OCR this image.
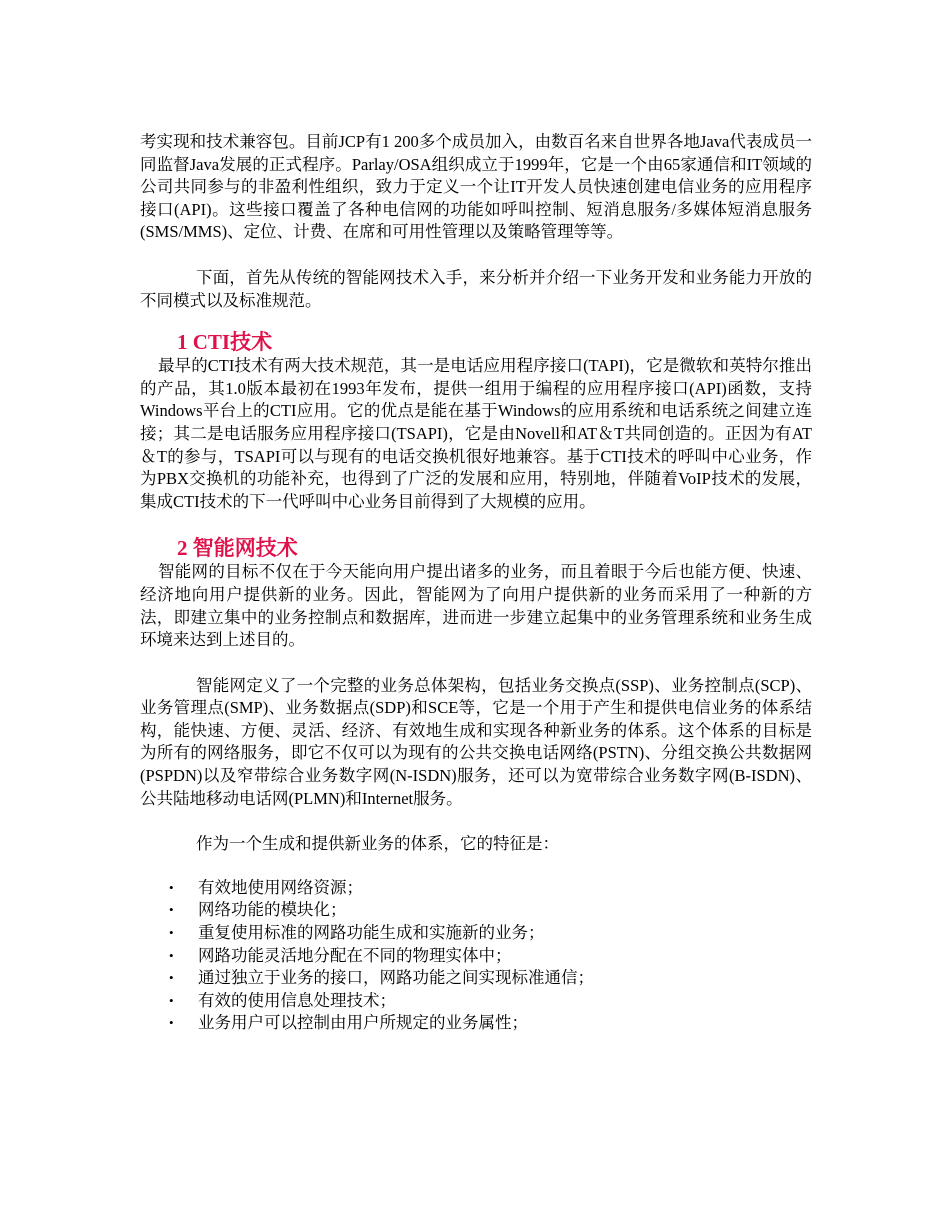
考实现和技术兼容包。目前JCP有1 200多个成员加入，由数百名来自世界各地Java代表成员一同监督Java发展的正式程序。Parlay/OSA组织成立于1999年，它是一个由65家通信和IT领域的公司共同参与的非盈利性组织，致力于定义一个让IT开发人员快速创建电信业务的应用程序接口(API)。这些接口覆盖了各种电信网的功能如呼叫控制、短消息服务/多媒体短消息服务(SMS/MMS)、定位、计费、在席和可用性管理以及策略管理等等。

下面，首先从传统的智能网技术入手，来分析并介绍一下业务开发和业务能力开放的不同模式以及标准规范。

1 CTI技术

最早的CTI技术有两大技术规范，其一是电话应用程序接口(TAPI)，它是微软和英特尔推出的产品，其1.0版本最初在1993年发布，提供一组用于编程的应用程序接口(API)函数，支持Windows平台上的CTI应用。它的优点是能在基于Windows的应用系统和电话系统之间建立连接；其二是电话服务应用程序接口(TSAPI)，它是由Novell和AT＆T共同创造的。正因为有AT＆T的参与，TSAPI可以与现有的电话交换机很好地兼容。基于CTI技术的呼叫中心业务，作为PBX交换机的功能补充，也得到了广泛的发展和应用，特别地，伴随着VoIP技术的发展，集成CTI技术的下一代呼叫中心业务目前得到了大规模的应用。

2 智能网技术

智能网的目标不仅在于今天能向用户提出诸多的业务，而且着眼于今后也能方便、快速、经济地向用户提供新的业务。因此，智能网为了向用户提供新的业务而采用了一种新的方法，即建立集中的业务控制点和数据库，进而进一步建立起集中的业务管理系统和业务生成环境来达到上述目的。

智能网定义了一个完整的业务总体架构，包括业务交换点(SSP)、业务控制点(SCP)、业务管理点(SMP)、业务数据点(SDP)和SCE等，它是一个用于产生和提供电信业务的体系结构，能快速、方便、灵活、经济、有效地生成和实现各种新业务的体系。这个体系的目标是为所有的网络服务，即它不仅可以为现有的公共交换电话网络(PSTN)、分组交换公共数据网(PSPDN)以及窄带综合业务数字网(N-ISDN)服务，还可以为宽带综合业务数字网(B-ISDN)、公共陆地移动电话网(PLMN)和Internet服务。

作为一个生成和提供新业务的体系，它的特征是：

• 有效地使用网络资源；
• 网络功能的模块化；
• 重复使用标准的网路功能生成和实施新的业务；
• 网路功能灵活地分配在不同的物理实体中；
• 通过独立于业务的接口，网路功能之间实现标准通信；
• 有效的使用信息处理技术；
• 业务用户可以控制由用户所规定的业务属性；
